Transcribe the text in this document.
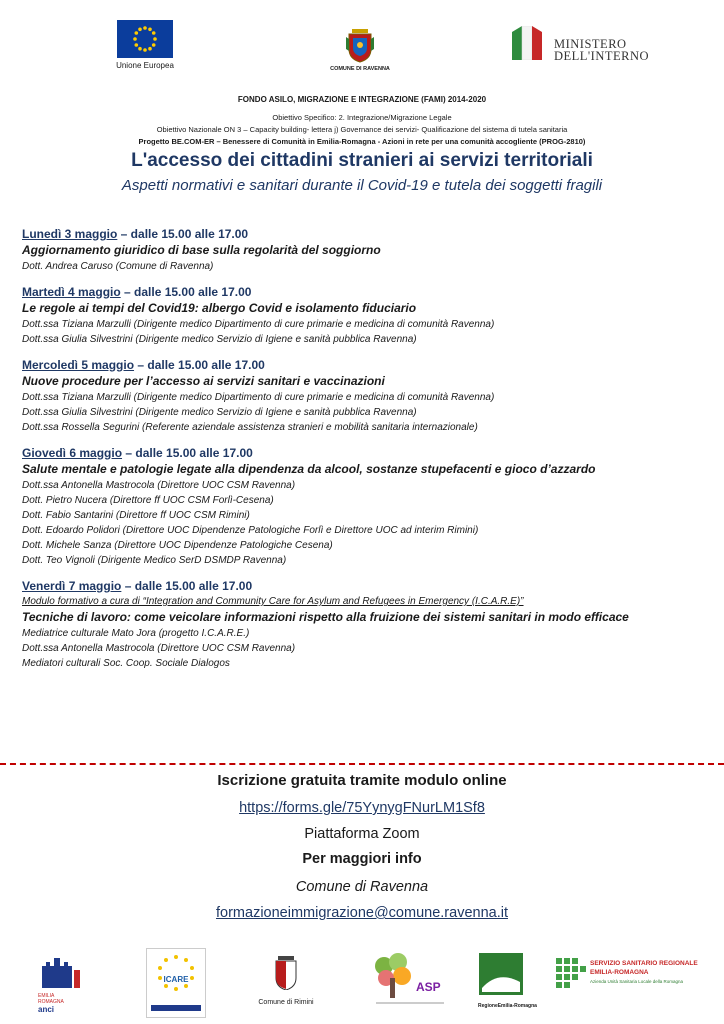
Unione Europea	COMUNE DI RAVENNA
MINISTERO
DELL'INTERNO
FONDO ASILO, MIGRAZIONE E INTEGRAZIONE (FAMI) 2014-2020
Obiettivo Specifico: 2. Integrazione/Migrazione Legale
Obiettivo Nazionale ON 3 – Capacity building- lettera j) Governance dei servizi- Qualificazione del sistema di tutela sanitaria
Progetto BE.COM-ER – Benessere di Comunità in Emilia-Romagna - Azioni in rete per una comunità accogliente (PROG-2810)
L'accesso dei cittadini stranieri ai servizi territoriali
Aspetti normativi e sanitari durante il Covid-19 e tutela dei soggetti fragili
Lunedì 3 maggio – dalle 15.00 alle 17.00
Aggiornamento giuridico di base sulla regolarità del soggiorno
Dott. Andrea Caruso (Comune di Ravenna)
Martedì 4 maggio – dalle 15.00 alle 17.00
Le regole ai tempi del Covid19: albergo Covid e isolamento fiduciario
Dott.ssa Tiziana Marzulli (Dirigente medico Dipartimento di cure primarie e medicina di comunità Ravenna)
Dott.ssa Giulia Silvestrini (Dirigente medico Servizio di Igiene e sanità pubblica Ravenna)
Mercoledì 5 maggio – dalle 15.00 alle 17.00
Nuove procedure per l’accesso ai servizi sanitari e vaccinazioni
Dott.ssa Tiziana Marzulli (Dirigente medico Dipartimento di cure primarie e medicina di comunità Ravenna)
Dott.ssa Giulia Silvestrini (Dirigente medico Servizio di Igiene e sanità pubblica Ravenna)
Dott.ssa Rossella Segurini (Referente aziendale assistenza stranieri e mobilità sanitaria internazionale)
Giovedì 6 maggio – dalle 15.00 alle 17.00
Salute mentale e patologie legate alla dipendenza da alcool, sostanze stupefacenti e gioco d’azzardo
Dott.ssa Antonella Mastrocola (Direttore UOC CSM Ravenna)
Dott. Pietro Nucera (Direttore ff UOC CSM Forlì-Cesena)
Dott. Fabio Santarini (Direttore ff UOC CSM Rimini)
Dott. Edoardo Polidori (Direttore UOC Dipendenze Patologiche Forlì e Direttore UOC ad interim Rimini)
Dott. Michele Sanza (Direttore UOC Dipendenze Patologiche Cesena)
Dott. Teo Vignoli (Dirigente Medico SerD DSMDP Ravenna)
Venerdì 7 maggio – dalle 15.00 alle 17.00
Modulo formativo a cura di “Integration and Community Care for Asylum and Refugees in Emergency (I.C.A.R.E)”
Tecniche di lavoro: come veicolare informazioni rispetto alla fruizione dei sistemi sanitari in modo efficace
Mediatrice culturale Mato Jora (progetto I.C.A.R.E.)
Dott.ssa Antonella Mastrocola (Direttore UOC CSM Ravenna)
Mediatori culturali Soc. Coop. Sociale Dialogos
Iscrizione gratuita tramite modulo online
https://forms.gle/75YynygFNurLM1Sf8
Piattaforma Zoom
Per maggiori info
Comune di Ravenna
formazioneimmigrazione@comune.ravenna.it
EMILIA
ROMAGNA
anci
ICARE
Comune di Rimini
ASP
RegioneEmilia-Romagna
SERVIZIO SANITARIO REGIONALE
EMILIA-ROMAGNA
Azienda Unità Sanitaria Locale della Romagna
